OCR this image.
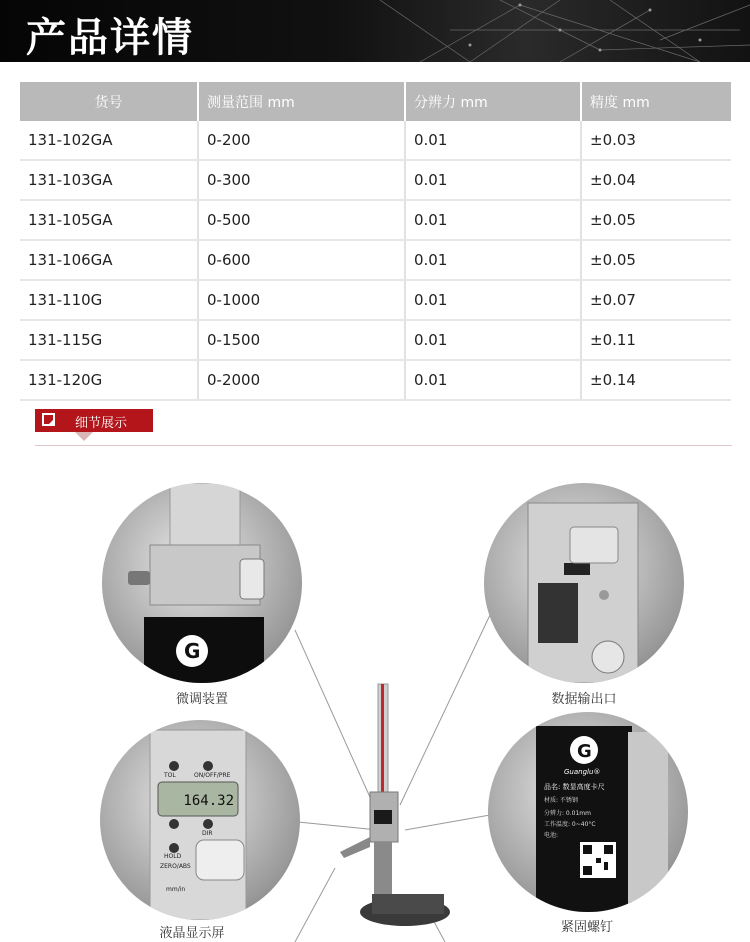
产品详情
货号	测量范围 mm	分辨力 mm	精度 mm
131-102GA	0-200	0.01	±0.03
131-103GA	0-300	0.01	±0.04
131-105GA	0-500	0.01	±0.05
131-106GA	0-600	0.01	±0.05
131-110G	0-1000	0.01	±0.07
131-115G	0-1500	0.01	±0.11
131-120G	0-2000	0.01	±0.14
细节展示
G
微调装置	数据输出口
164.32
TOL	ON/OFF/PRE
HOLD
DIR
ZERO/ABS
mm/in
液晶显示屏
G
Guanglu®
品名: 数显高度卡尺
材质: 不锈钢
分辨力: 0.01mm
工作温度: 0~40°C
电池:
紧固螺钉
